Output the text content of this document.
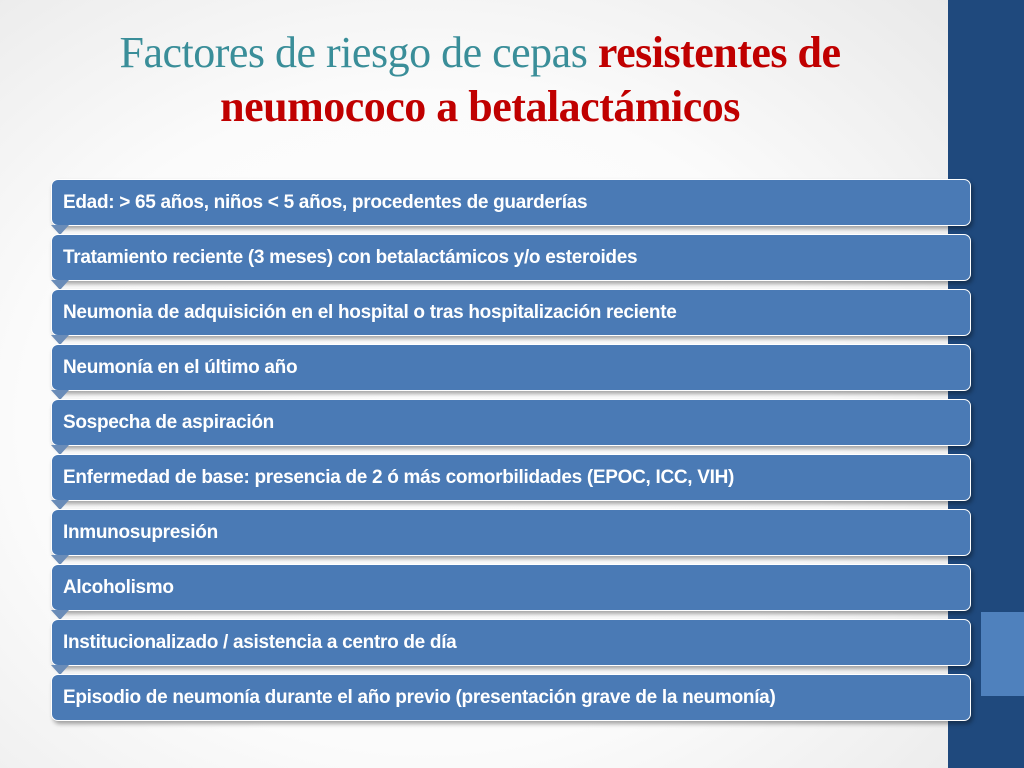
Factores de riesgo de cepas resistentes de
neumococo a betalactámicos
Edad: > 65 años, niños < 5 años, procedentes de guarderías
Tratamiento reciente (3 meses) con betalactámicos y/o esteroides
Neumonia de adquisición en el hospital o tras hospitalización reciente
Neumonía en el último año
Sospecha de aspiración
Enfermedad de base: presencia de 2 ó más comorbilidades (EPOC, ICC, VIH)
Inmunosupresión
Alcoholismo
Institucionalizado / asistencia a centro de día
Episodio de neumonía durante el año previo (presentación grave de la neumonía)
